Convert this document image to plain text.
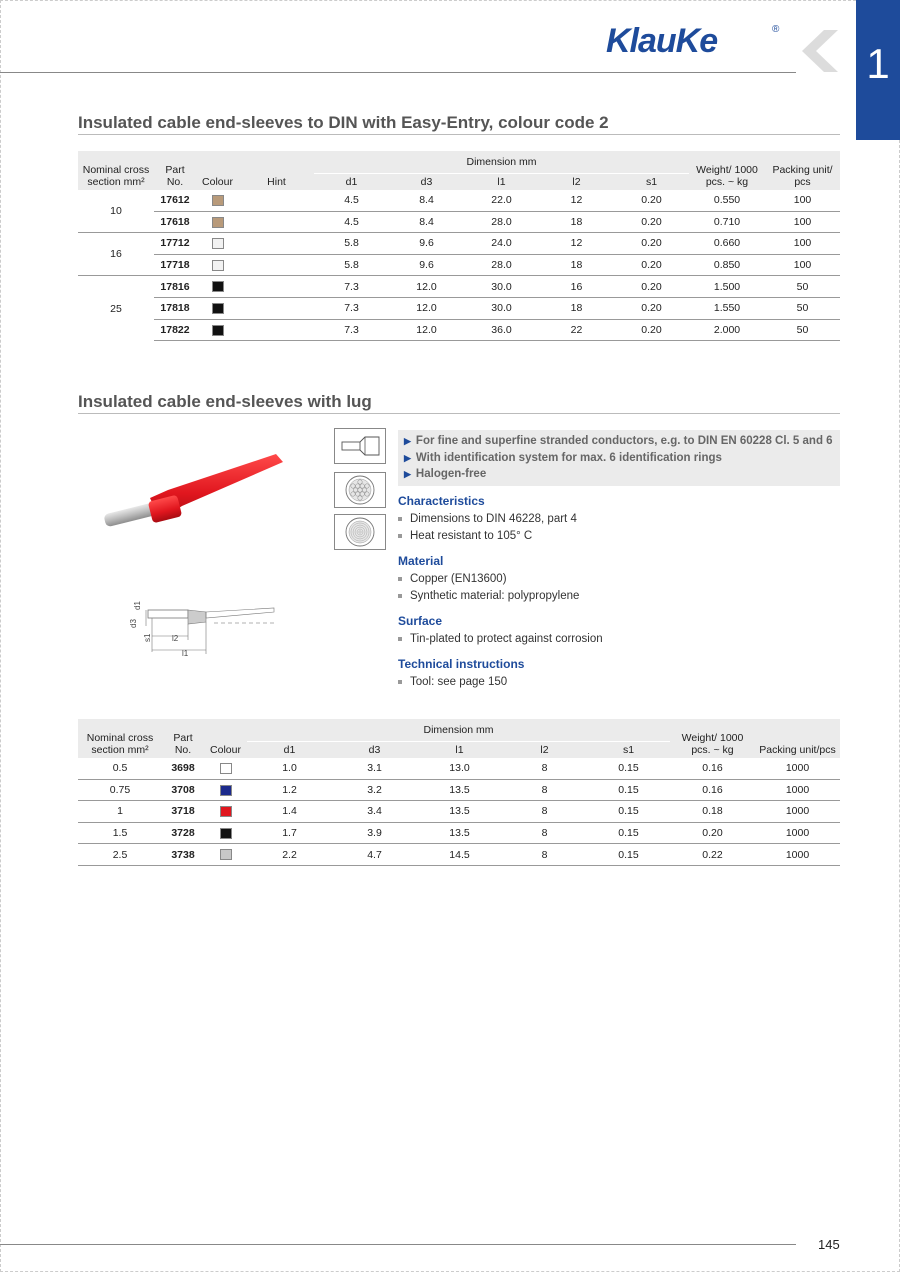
KlauKe	®
1
Insulated cable end-sleeves to DIN with Easy-Entry, colour code 2
Nominal cross section mm²	Part No.	Colour	Hint	Dimension mm					Weight/ 1000 pcs. ~ kg	Packing unit/ pcs
				d1	d3	l1	l2	s1		
10	17612			4.5	8.4	22.0	12	0.20	0.550	100
	17618			4.5	8.4	28.0	18	0.20	0.710	100
16	17712			5.8	9.6	24.0	12	0.20	0.660	100
	17718			5.8	9.6	28.0	18	0.20	0.850	100
25	17816			7.3	12.0	30.0	16	0.20	1.500	50
	17818			7.3	12.0	30.0	18	0.20	1.550	50
	17822			7.3	12.0	36.0	22	0.20	2.000	50
Insulated cable end-sleeves with lug
d1
d3
s1	l2
l1
▶ For fine and superfine stranded conductors, e.g. to DIN EN 60228 Cl. 5 and 6
▶ With identification system for max. 6 identification rings
▶ Halogen-free
Characteristics
Dimensions to DIN 46228, part 4
Heat resistant to 105° C
Material
Copper (EN13600)
Synthetic material: polypropylene
Surface
Tin-plated to protect against corrosion
Technical instructions
Tool: see page 150
Nominal cross section mm²	Part No.	Colour	Dimension mm					Weight/ 1000 pcs. ~ kg	Packing unit/pcs
			d1	d3	l1	l2	s1		
0.5	3698		1.0	3.1	13.0	8	0.15	0.16	1000
0.75	3708		1.2	3.2	13.5	8	0.15	0.16	1000
1	3718		1.4	3.4	13.5	8	0.15	0.18	1000
1.5	3728		1.7	3.9	13.5	8	0.15	0.20	1000
2.5	3738		2.2	4.7	14.5	8	0.15	0.22	1000
145
